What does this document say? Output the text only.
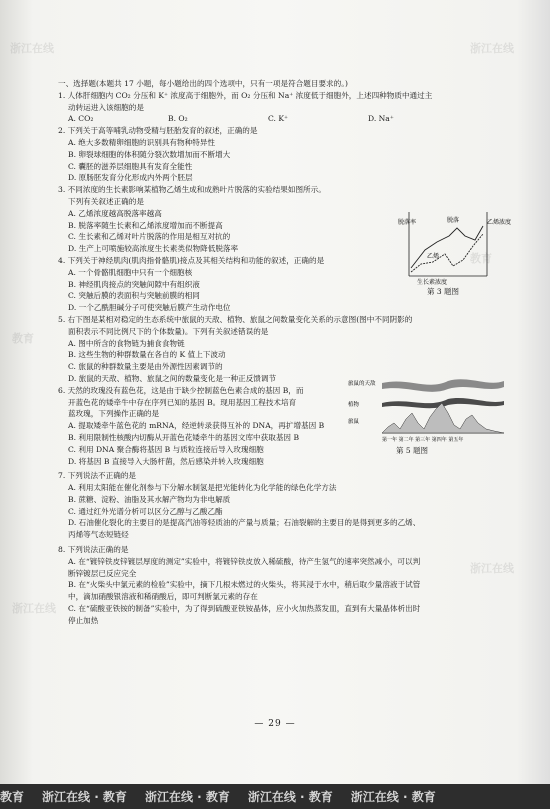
浙江在线	浙江在线
教育
教育
浙江在线
浙江在线
一、选择题(本题共 17 小题，每小题给出的四个选项中，只有一项是符合题目要求的。)
1. 人体肝细胞内 CO₂ 分压和 K⁺ 浓度高于细胞外，而 O₂ 分压和 Na⁺ 浓度低于细胞外，上述四种物质中通过主
动转运进入该细胞的是
A. CO₂	B. O₂	C. K⁺	D. Na⁺
2. 下列关于高等哺乳动物受精与胚胎发育的叙述，正确的是
A. 绝大多数精卵细胞的识别具有物种特异性
B. 卵裂球细胞的体积随分裂次数增加而不断增大
C. 囊胚的滋养层细胞具有发育全能性
D. 原肠胚发育分化形成内外两个胚层
3. 不同浓度的生长素影响某植物乙烯生成和成熟叶片脱落的实验结果如图所示。
下列有关叙述正确的是
A. 乙烯浓度越高脱落率越高
B. 脱落率随生长素和乙烯浓度增加而不断提高
C. 生长素和乙烯对叶片脱落的作用是相互对抗的
D. 生产上可喷施较高浓度生长素类似物降低脱落率
4. 下列关于神经肌肉(肌肉指骨骼肌)接点及其相关结构和功能的叙述，正确的是
A. 一个骨骼肌细胞中只有一个细胞核
B. 神经肌肉接点的突触间隙中有组织液
C. 突触后膜的表面积与突触前膜的相同
D. 一个乙酰胆碱分子可使突触后膜产生动作电位
5. 右下图是某相对稳定的生态系统中旅鼠的天敌、植物、旅鼠之间数量变化关系的示意图(图中不同阴影的
面积表示不同比例尺下的个体数量)。下列有关叙述错误的是
A. 图中所含的食物链为捕食食物链
B. 这些生物的种群数量在各自的 K 值上下波动
C. 旅鼠的种群数量主要是由外源性因素调节的
D. 旅鼠的天敌、植物、旅鼠之间的数量变化是一种正反馈调节
6. 天然的玫瑰没有蓝色花，这是由于缺少控制蓝色色素合成的基因 B，而
开蓝色花的矮牵牛中存在序列已知的基因 B。现用基因工程技术培育
蓝玫瑰，下列操作正确的是
A. 提取矮牵牛蓝色花的 mRNA，经逆转录获得互补的 DNA，再扩增基因 B
B. 利用限制性核酸内切酶从开蓝色花矮牵牛的基因文库中获取基因 B
C. 利用 DNA 聚合酶将基因 B 与质粒连接后导入玫瑰细胞
D. 将基因 B 直接导入大肠杆菌，然后感染并转入玫瑰细胞
7. 下列说法不正确的是
A. 利用太阳能在催化剂参与下分解水制氢是把光能转化为化学能的绿色化学方法
B. 蔗糖、淀粉、油脂及其水解产物均为非电解质
C. 通过红外光谱分析可以区分乙醇与乙酸乙酯
D. 石油催化裂化的主要目的是提高汽油等轻质油的产量与质量；石油裂解的主要目的是得到更多的乙烯、
丙烯等气态短链烃
8. 下列说法正确的是
A. 在“镀锌铁皮锌镀层厚度的测定”实验中，将镀锌铁皮放入稀硫酸，待产生氢气的速率突然减小，可以判
断锌镀层已反应完全
B. 在“火柴头中氯元素的检验”实验中，摘下几根未燃过的火柴头，将其浸于水中，稍后取少量溶液于试管
中，滴加硝酸银溶液和稀硝酸后，即可判断氯元素的存在
C. 在“硫酸亚铁铵的制备”实验中，为了得到硫酸亚铁铵晶体，应小火加热蒸发皿，直到有大量晶体析出时
停止加热
脱落率	乙烯浓度
脱落
乙烯
生长素浓度
第 3 题图
旅鼠的天敌
植物
旅鼠
第一年 第二年 第三年 第四年 第五年
第 5 题图
— 29 —
教育 浙江在线 · 教育 浙江在线 · 教育 浙江在线 · 教育 浙江在线 · 教育
